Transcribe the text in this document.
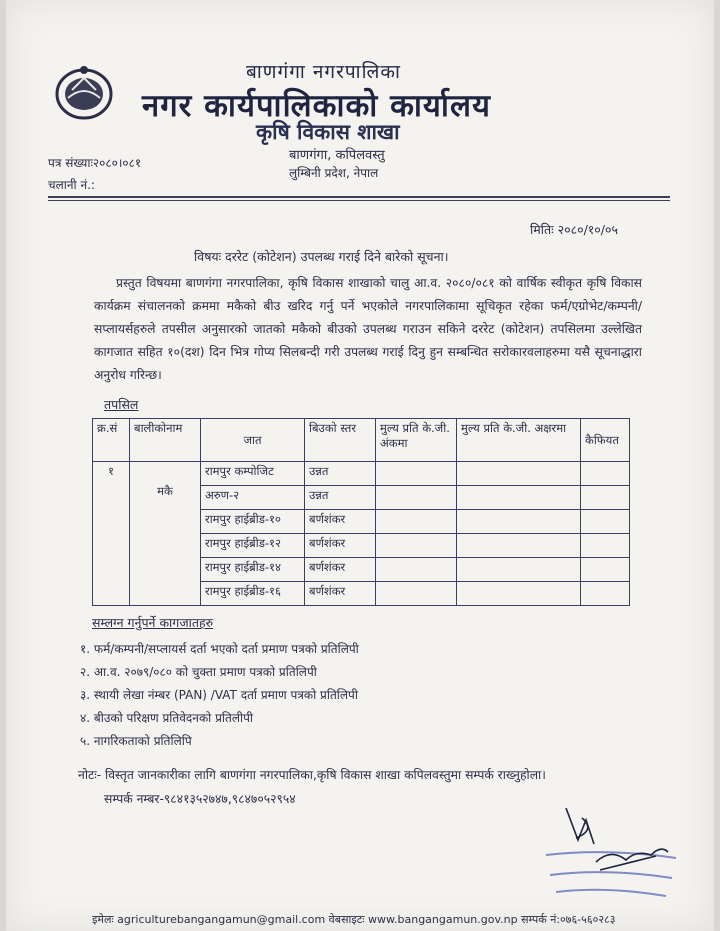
बाणगंगा नगरपालिका
नगर कार्यपालिकाको कार्यालय
कृषि विकास शाखा
बाणगंगा, कपिलवस्तु
लुम्बिनी प्रदेश, नेपाल
पत्र संख्याः२०८०।०८१
चलानी नं.:
मितिः २०८०/१०/०५
विषयः दररेट (कोटेशन) उपलब्ध गराई दिने बारेको सूचना।
प्रस्तुत विषयमा बाणगंगा नगरपालिका, कृषि विकास शाखाको चालु आ.व. २०८०/०८१ को वार्षिक स्वीकृत कृषि विकास कार्यक्रम संचालनको क्रममा मकैको बीउ खरिद गर्नु पर्ने भएकोले नगरपालिकामा सूचिकृत रहेका फर्म/एग्रोभेट/कम्पनी/सप्लायर्सहरुले तपसील अनुसारको जातको मकैको बीउको उपलब्ध गराउन सकिने दररेट (कोटेशन) तपसिलमा उल्लेखित कागजात सहित १०(दश) दिन भित्र गोप्य सिलबन्दी गरी उपलब्ध गराई दिनु हुन सम्बन्धित सरोकारवलाहरुमा यसै सूचनाद्धारा अनुरोध गरिन्छ।
तपसिल
क्र.सं	बालीकोनाम	जात	बिउको स्तर	मुल्य प्रति के.जी. अंकमा	मुल्य प्रति के.जी. अक्षरमा	कैफियत
१	मकै	रामपुर कम्पोजिट	उन्नत			
		अरुण-२	उन्नत			
		रामपुर हाईब्रीड-१०	बर्णशंकर			
		रामपुर हाईब्रीड-१२	बर्णशंकर			
		रामपुर हाईब्रीड-१४	बर्णशंकर			
		रामपुर हाईब्रीड-१६	बर्णशंकर			
सम्लग्न गर्नुपर्ने कागजातहरु
१. फर्म/कम्पनी/सप्लायर्स दर्ता भएको दर्ता प्रमाण पत्रको प्रतिलिपी
२. आ.व. २०७९/०८० को चुक्ता प्रमाण पत्रको प्रतिलिपी
३. स्थायी लेखा नंम्बर (PAN) /VAT दर्ता प्रमाण पत्रको प्रतिलिपी
४. बीउको परिक्षण प्रतिवेदनको प्रतिलीपी
५. नागरिकताको प्रतिलिपि
नोटः- विस्तृत जानकारीका लागि बाणगंगा नगरपालिका,कृषि विकास शाखा कपिलवस्तुमा सम्पर्क राख्नुहोला।
सम्पर्क नम्बर-९८४१३५२७४७,९८४७०५२९५४
इमेलः agriculturebangangamun@gmail.com वेबसाइटः www.bangangamun.gov.np सम्पर्क नं:०७६-५६०२८३
